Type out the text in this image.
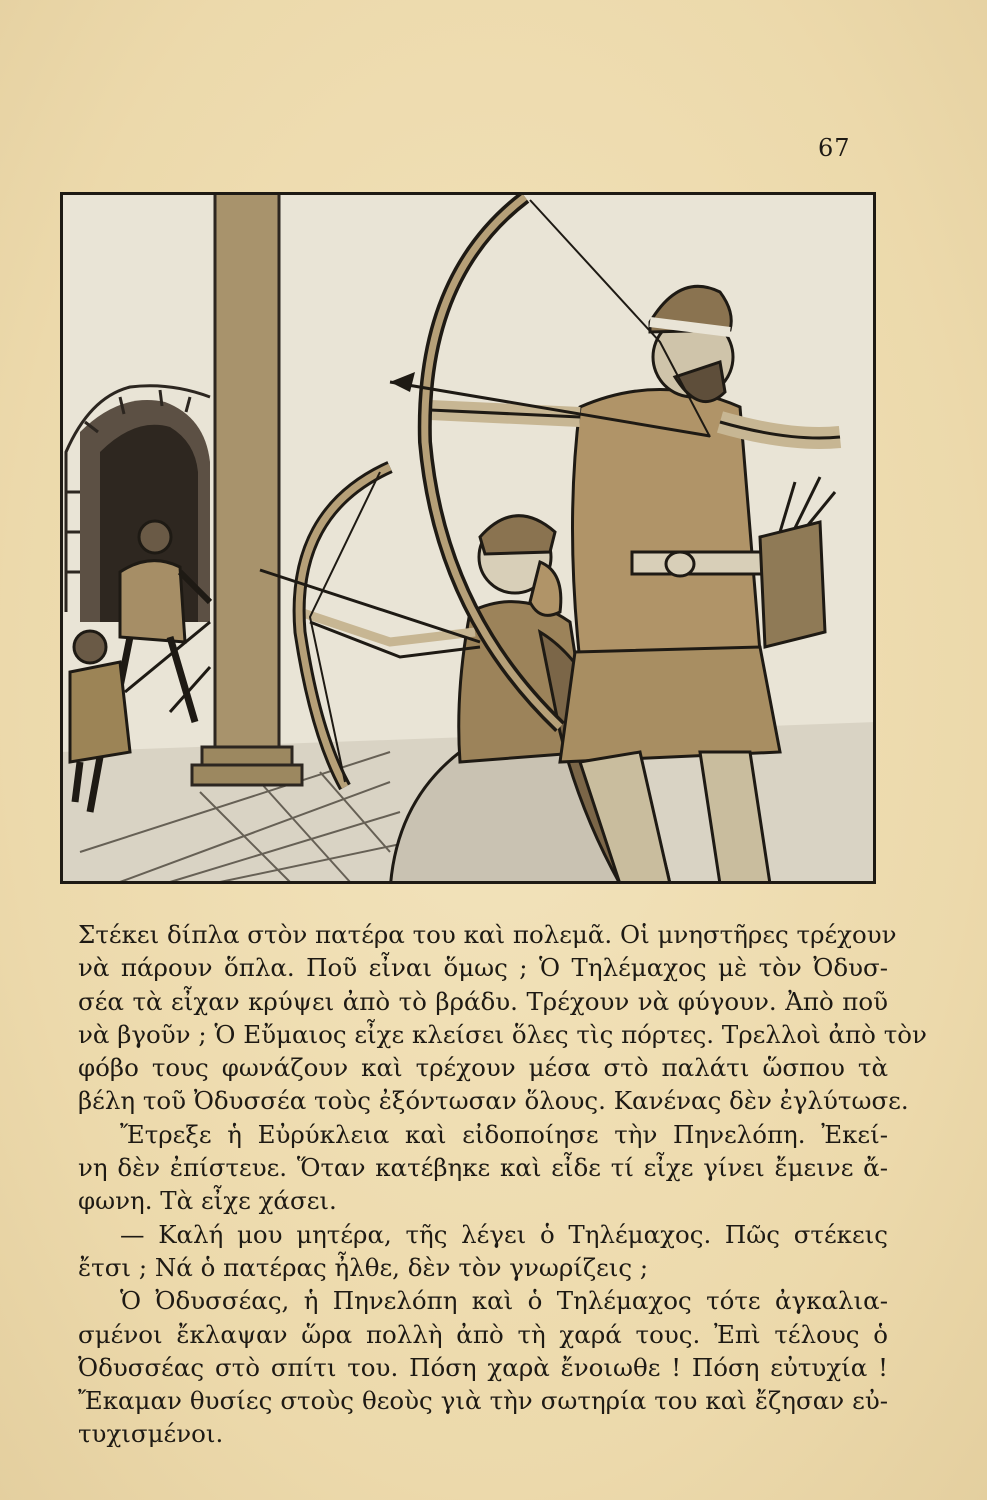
67
Στέκει δίπλα στὸν πατέρα του καὶ πολεμᾶ. Οἱ μνηστῆρες τρέχουν
νὰ πάρουν ὅπλα. Ποῦ εἶναι ὅμως ; Ὁ Τηλέμαχος μὲ τὸν Ὀδυσ-
σέα τὰ εἶχαν κρύψει ἀπὸ τὸ βράδυ. Τρέχουν νὰ φύγουν. Ἀπὸ ποῦ
νὰ βγοῦν ; Ὁ Εὔμαιος εἶχε κλείσει ὅλες τὶς πόρτες. Τρελλοὶ ἀπὸ τὸν
φόβο τους φωνάζουν καὶ τρέχουν μέσα στὸ παλάτι ὥσπου τὰ
βέλη τοῦ Ὀδυσσέα τοὺς ἐξόντωσαν ὅλους. Κανένας δὲν ἐγλύτωσε.
Ἔτρεξε ἡ Εὐρύκλεια καὶ εἰδοποίησε τὴν Πηνελόπη. Ἐκεί-
νη δὲν ἐπίστευε. Ὅταν κατέβηκε καὶ εἶδε τί εἶχε γίνει ἔμεινε ἄ-
φωνη. Τὰ εἶχε χάσει.
— Καλή μου μητέρα, τῆς λέγει ὁ Τηλέμαχος. Πῶς στέκεις
ἔτσι ; Νά ὁ πατέρας ἦλθε, δὲν τὸν γνωρίζεις ;
Ὁ Ὀδυσσέας, ἡ Πηνελόπη καὶ ὁ Τηλέμαχος τότε ἀγκαλια-
σμένοι ἔκλαψαν ὥρα πολλὴ ἀπὸ τὴ χαρά τους. Ἐπὶ τέλους ὁ
Ὀδυσσέας στὸ σπίτι του. Πόση χαρὰ ἔνοιωθε ! Πόση εὐτυχία !
Ἔκαμαν θυσίες στοὺς θεοὺς γιὰ τὴν σωτηρία του καὶ ἔζησαν εὐ-
τυχισμένοι.
